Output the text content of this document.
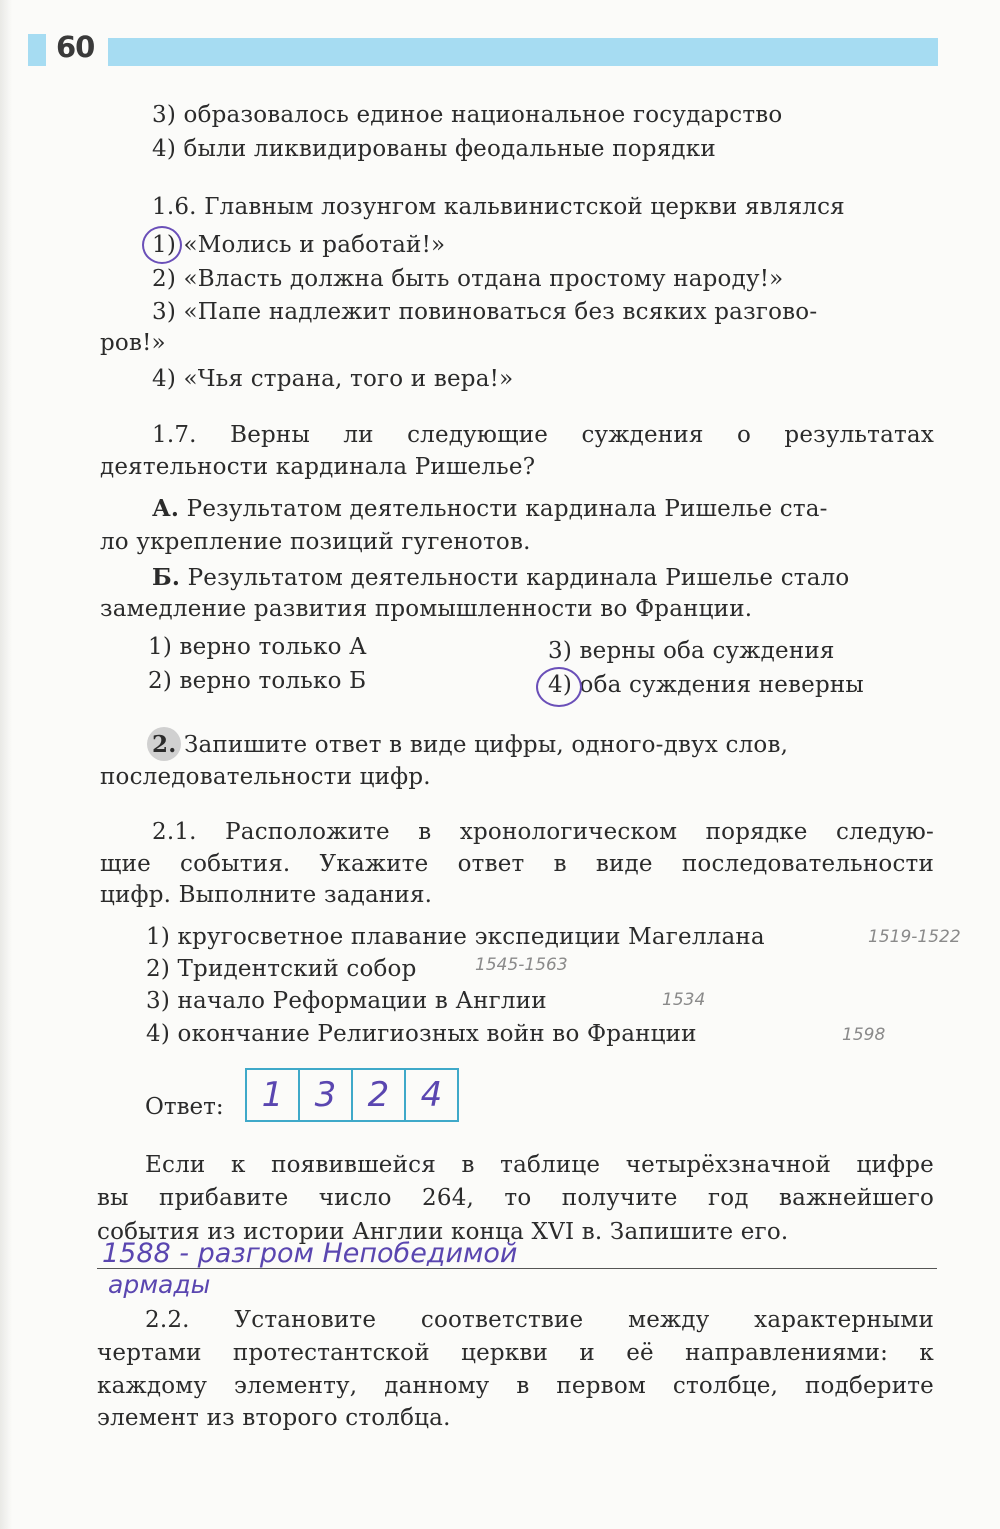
60
3) образовалось единое национальное государство
4) были ликвидированы феодальные порядки
1.6. Главным лозунгом кальвинистской церкви являлся
1) «Молись и работай!»
2) «Власть должна быть отдана простому народу!»
3) «Папе надлежит повиноваться без всяких разгово-
ров!»
4) «Чья страна, того и вера!»
1.7. Верны ли следующие суждения о результатах
деятельности кардинала Ришелье?
А. Результатом деятельности кардинала Ришелье ста-
ло укрепление позиций гугенотов.
Б. Результатом деятельности кардинала Ришелье стало
замедление развития промышленности во Франции.
1) верно только А
2) верно только Б
3) верны оба суждения
4) оба суждения неверны
2. Запишите ответ в виде цифры, одного-двух слов,
последовательности цифр.
2.1. Расположите в хронологическом порядке следую-
щие события. Укажите ответ в виде последовательности
цифр. Выполните задания.
1) кругосветное плавание экспедиции Магеллана	1519-1522
2) Тридентский собор	1545-1563
3) начало Реформации в Англии	1534
4) окончание Религиозных войн во Франции	1598
Ответ:	1 3 2 4
Если к появившейся в таблице четырёхзначной цифре
вы прибавите число 264, то получите год важнейшего
события из истории Англии конца XVI в. Запишите его.
1588 - разгром Непобедимой
армады
2.2. Установите соответствие между характерными
чертами протестантской церкви и её направлениями: к
каждому элементу, данному в первом столбце, подберите
элемент из второго столбца.
